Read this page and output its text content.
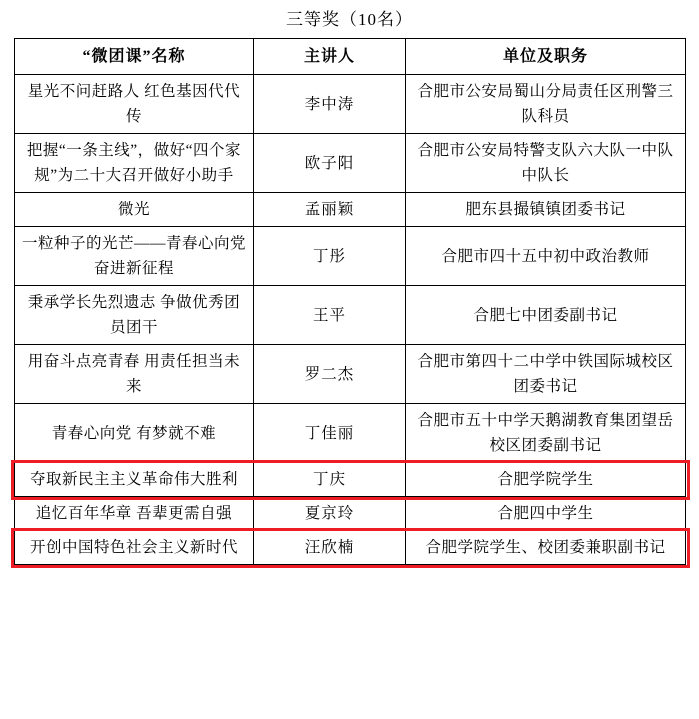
三等奖（10名）
“微团课”名称	主讲人	单位及职务
星光不问赶路人 红色基因代代传	李中涛	合肥市公安局蜀山分局责任区刑警三队科员
把握“一条主线”，做好“四个家规”为二十大召开做好小助手	欧子阳	合肥市公安局特警支队六大队一中队中队长
微光	孟丽颖	肥东县撮镇镇团委书记
一粒种子的光芒——青春心向党 奋进新征程	丁彤	合肥市四十五中初中政治教师
秉承学长先烈遗志 争做优秀团员团干	王平	合肥七中团委副书记
用奋斗点亮青春 用责任担当未来	罗二杰	合肥市第四十二中学中铁国际城校区团委书记
青春心向党 有梦就不难	丁佳丽	合肥市五十中学天鹅湖教育集团望岳校区团委副书记
夺取新民主主义革命伟大胜利	丁庆	合肥学院学生
追忆百年华章 吾辈更需自强	夏京玲	合肥四中学生
开创中国特色社会主义新时代	汪欣楠	合肥学院学生、校团委兼职副书记
